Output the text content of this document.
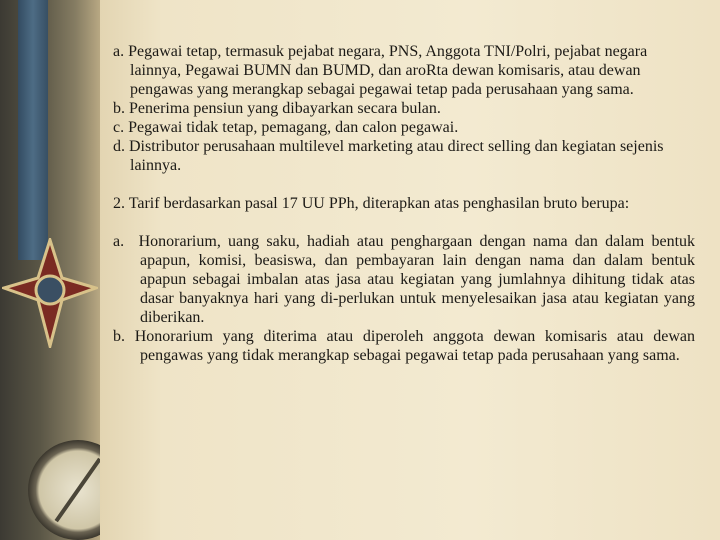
a. Pegawai tetap, termasuk pejabat negara, PNS, Anggota TNI/Polri, pejabat negara lainnya, Pegawai BUMN dan BUMD, dan aroRta dewan komisaris, atau dewan pengawas yang merangkap sebagai pegawai tetap pada perusahaan yang sama.

b. Penerima pensiun yang dibayarkan secara bulan.

c. Pegawai tidak tetap, pemagang, dan calon pegawai.

d. Distributor perusahaan multilevel marketing atau direct selling dan kegiatan sejenis lainnya.

2. Tarif berdasarkan pasal 17 UU PPh, diterapkan atas penghasilan bruto berupa:

a. Honorarium, uang saku, hadiah atau penghargaan dengan nama dan dalam bentuk apapun, komisi, beasiswa, dan pembayaran lain dengan nama dan dalam bentuk apapun sebagai imbalan atas jasa atau kegiatan yang jumlahnya dihitung tidak atas dasar banyaknya hari yang di-perlukan untuk menyelesaikan jasa atau kegiatan yang diberikan.

b. Honorarium yang diterima atau diperoleh anggota dewan komisaris atau dewan pengawas yang tidak merangkap sebagai pegawai tetap pada perusahaan yang sama.
